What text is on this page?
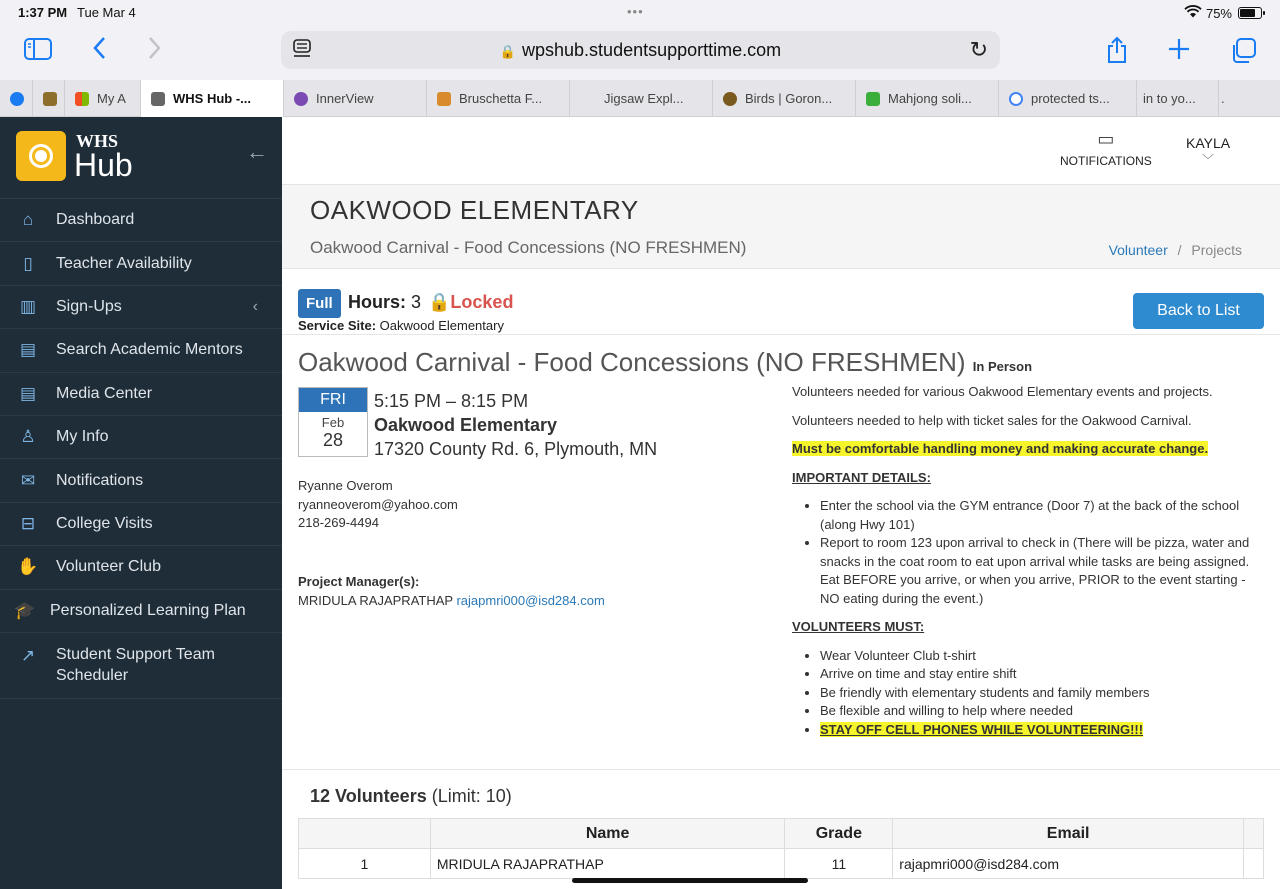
1:37 PM Tue Mar 4	•••	75%
🔒 wpshub.studentsupporttime.com	↻
My A	WHS Hub -...	InnerView	Bruschetta F...	Jigsaw Expl...	Birds | Goron...	Mahjong soli...	protected ts...	in to yo... .
WHS
Hub	←
⌂	Dashboard
▯	Teacher Availability
▥	Sign-Ups	‹
▤	Search Academic Mentors
▤	Media Center
♙	My Info
✉	Notifications
⊟	College Visits
✋	Volunteer Club
🎓 Personalized Learning Plan
↗	Student Support Team Scheduler
▭
NOTIFICATIONS
KAYLA
﹀
OAKWOOD ELEMENTARY
Oakwood Carnival - Food Concessions (NO FRESHMEN)	Volunteer / Projects
Full Hours: 3 🔒Locked
Service Site: Oakwood Elementary
Back to List
Oakwood Carnival - Food Concessions (NO FRESHMEN) In Person
FRI
Feb
28
5:15 PM – 8:15 PM
Oakwood Elementary
17320 County Rd. 6, Plymouth, MN
Ryanne Overom
ryanneoverom@yahoo.com
218-269-4494
Project Manager(s):
MRIDULA RAJAPRATHAP rajapmri000@isd284.com

Volunteers needed for various Oakwood Elementary events and projects.

Volunteers needed to help with ticket sales for the Oakwood Carnival.

Must be comfortable handling money and making accurate change.

IMPORTANT DETAILS:

• Enter the school via the GYM entrance (Door 7) at the back of the school (along Hwy 101)
• Report to room 123 upon arrival to check in (There will be pizza, water and snacks in the coat room to eat upon arrival while tasks are being assigned. Eat BEFORE you arrive, or when you arrive, PRIOR to the event starting - NO eating during the event.)

VOLUNTEERS MUST:

• Wear Volunteer Club t-shirt
• Arrive on time and stay entire shift
• Be friendly with elementary students and family members
• Be flexible and willing to help where needed
• STAY OFF CELL PHONES WHILE VOLUNTEERING!!!
12 Volunteers (Limit: 10)
	Name	Grade	Email	
1	MRIDULA RAJAPRATHAP	11	rajapmri000@isd284.com	
